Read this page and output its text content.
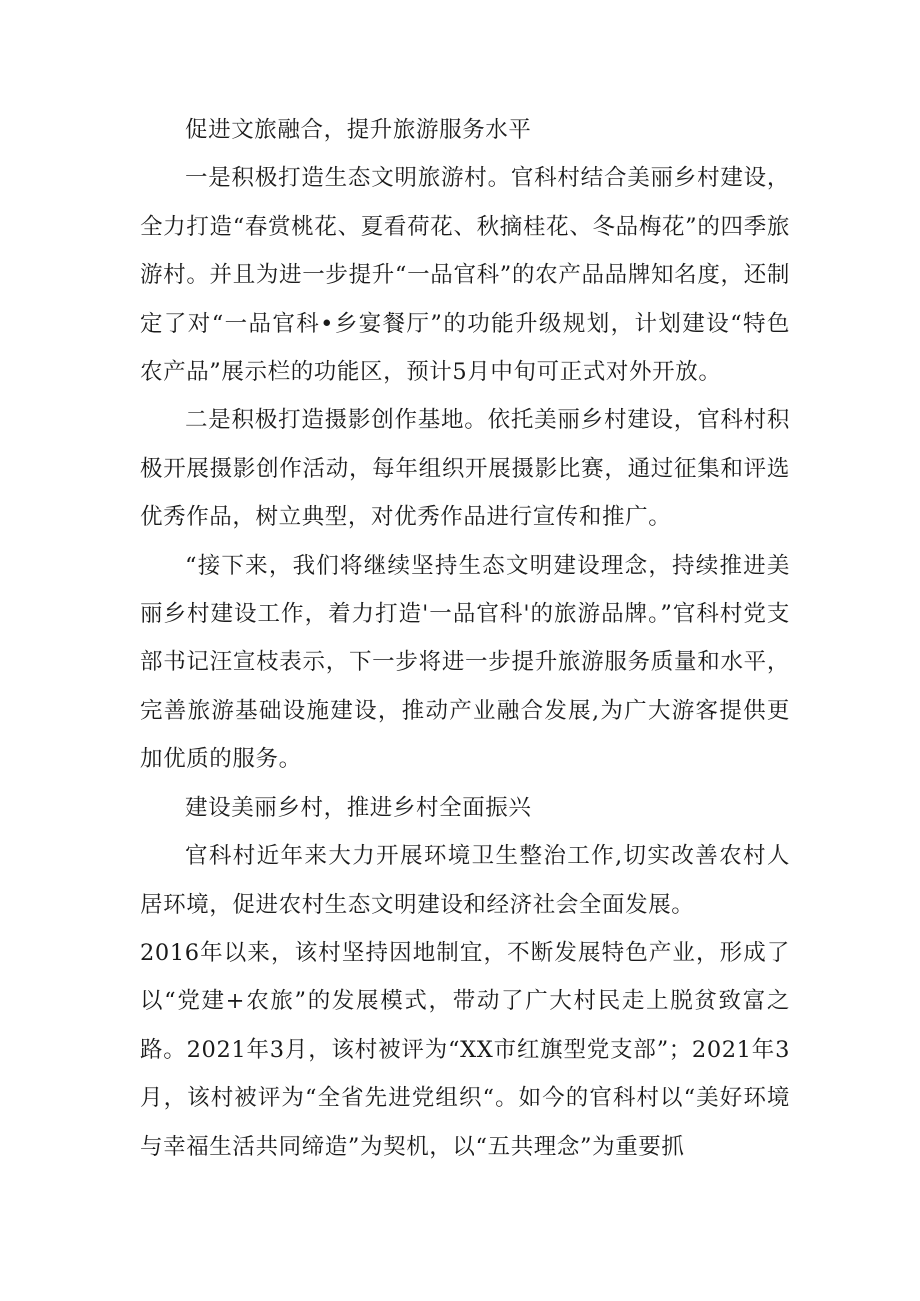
促进文旅融合，提升旅游服务水平

一是积极打造生态文明旅游村。官科村结合美丽乡村建设，全力打造“春赏桃花、夏看荷花、秋摘桂花、冬品梅花”的四季旅游村。并且为进一步提升“一品官科”的农产品品牌知名度，还制定了对“一品官科•乡宴餐厅”的功能升级规划，计划建设“特色农产品”展示栏的功能区，预计5月中旬可正式对外开放。

二是积极打造摄影创作基地。依托美丽乡村建设，官科村积极开展摄影创作活动，每年组织开展摄影比赛，通过征集和评选优秀作品，树立典型，对优秀作品进行宣传和推广。

“接下来，我们将继续坚持生态文明建设理念，持续推进美丽乡村建设工作，着力打造'一品官科'的旅游品牌。”官科村党支部书记汪宣枝表示，下一步将进一步提升旅游服务质量和水平，完善旅游基础设施建设，推动产业融合发展,为广大游客提供更加优质的服务。

建设美丽乡村，推进乡村全面振兴

官科村近年来大力开展环境卫生整治工作,切实改善农村人居环境，促进农村生态文明建设和经济社会全面发展。

2016年以来，该村坚持因地制宜，不断发展特色产业，形成了以“党建+农旅”的发展模式，带动了广大村民走上脱贫致富之路。2021年3月，该村被评为“XX市红旗型党支部”；2021年3月，该村被评为“全省先进党组织“。如今的官科村以“美好环境与幸福生活共同缔造”为契机，以“五共理念”为重要抓
